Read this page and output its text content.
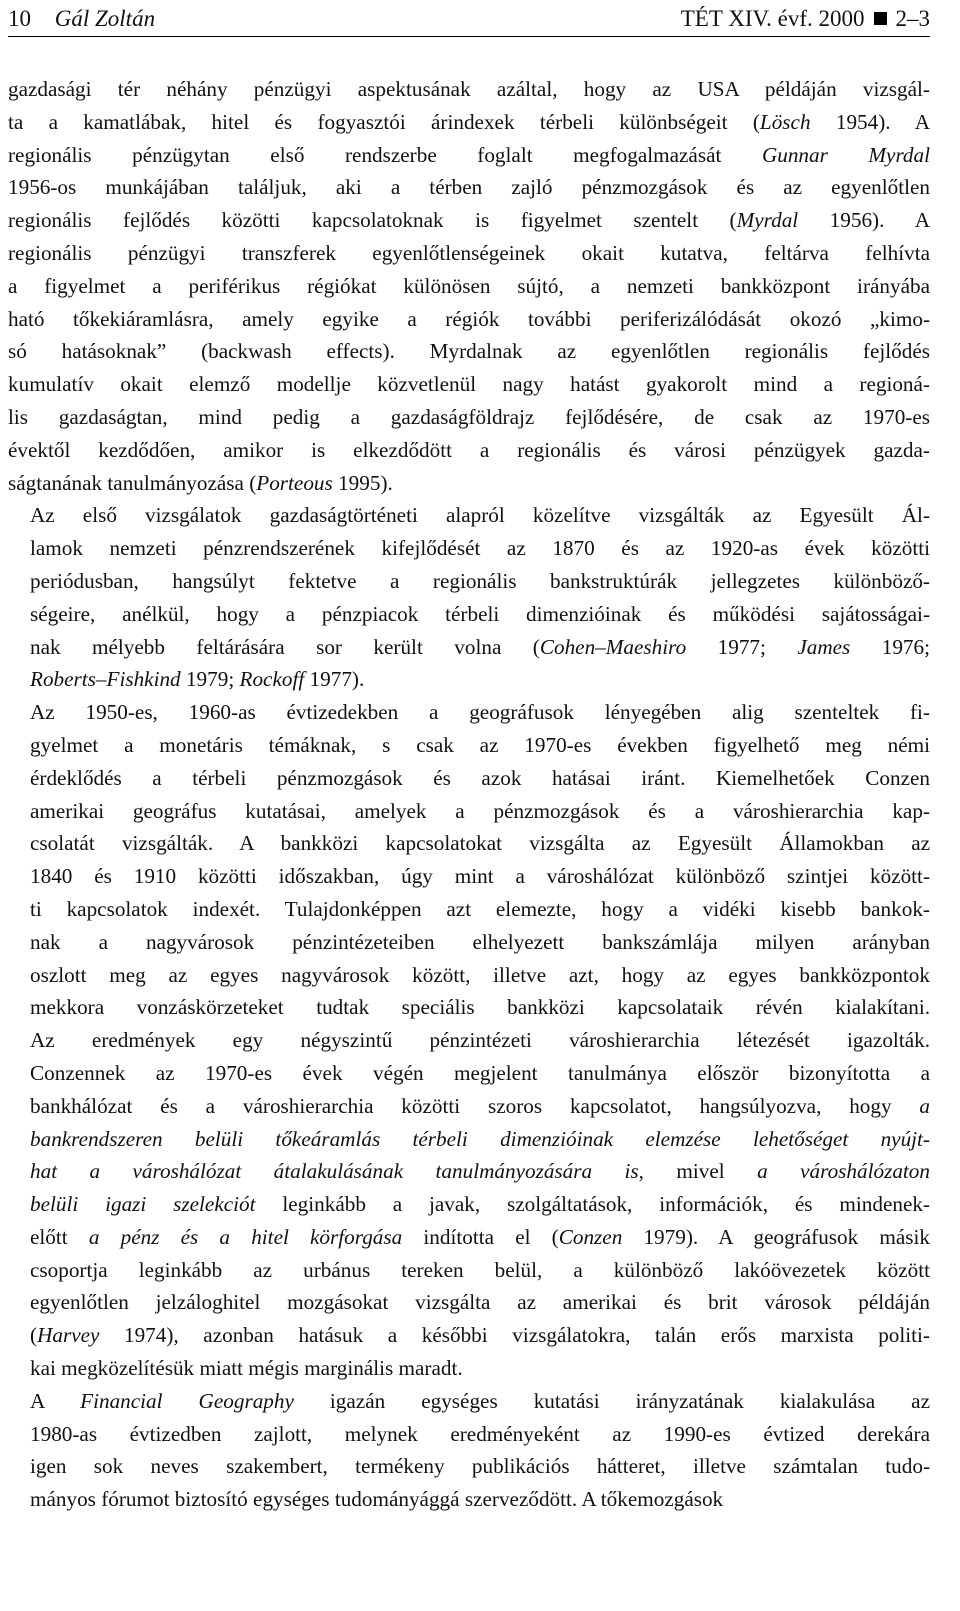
10 Gál Zoltán	TÉT XIV. évf. 2000 2–3

gazdasági tér néhány pénzügyi aspektusának azáltal, hogy az USA példáján vizsgál-
ta a kamatlábak, hitel és fogyasztói árindexek térbeli különbségeit (Lösch 1954). A
regionális pénzügytan első rendszerbe foglalt megfogalmazását Gunnar Myrdal
1956-os munkájában találjuk, aki a térben zajló pénzmozgások és az egyenlőtlen
regionális fejlődés közötti kapcsolatoknak is figyelmet szentelt (Myrdal 1956). A
regionális pénzügyi transzferek egyenlőtlenségeinek okait kutatva, feltárva felhívta
a figyelmet a periférikus régiókat különösen sújtó, a nemzeti bankközpont irányába
ható tőkekiáramlásra, amely egyike a régiók további periferizálódását okozó „kimo-
só hatásoknak” (backwash effects). Myrdalnak az egyenlőtlen regionális fejlődés
kumulatív okait elemző modellje közvetlenül nagy hatást gyakorolt mind a regioná-
lis gazdaságtan, mind pedig a gazdaságföldrajz fejlődésére, de csak az 1970-es
évektől kezdődően, amikor is elkezdődött a regionális és városi pénzügyek gazda-
ságtanának tanulmányozása (Porteous 1995).

Az első vizsgálatok gazdaságtörténeti alapról közelítve vizsgálták az Egyesült Ál-
lamok nemzeti pénzrendszerének kifejlődését az 1870 és az 1920-as évek közötti
periódusban, hangsúlyt fektetve a regionális bankstruktúrák jellegzetes különböző-
ségeire, anélkül, hogy a pénzpiacok térbeli dimenzióinak és működési sajátosságai-
nak mélyebb feltárására sor került volna (Cohen–Maeshiro 1977; James 1976;
Roberts–Fishkind 1979; Rockoff 1977).

Az 1950-es, 1960-as évtizedekben a geográfusok lényegében alig szenteltek fi-
gyelmet a monetáris témáknak, s csak az 1970-es években figyelhető meg némi
érdeklődés a térbeli pénzmozgások és azok hatásai iránt. Kiemelhetőek Conzen
amerikai geográfus kutatásai, amelyek a pénzmozgások és a városhierarchia kap-
csolatát vizsgálták. A bankközi kapcsolatokat vizsgálta az Egyesült Államokban az
1840 és 1910 közötti időszakban, úgy mint a városhálózat különböző szintjei között-
ti kapcsolatok indexét. Tulajdonképpen azt elemezte, hogy a vidéki kisebb bankok-
nak a nagyvárosok pénzintézeteiben elhelyezett bankszámlája milyen arányban
oszlott meg az egyes nagyvárosok között, illetve azt, hogy az egyes bankközpontok
mekkora vonzáskörzeteket tudtak speciális bankközi kapcsolataik révén kialakítani.
Az eredmények egy négyszintű pénzintézeti városhierarchia létezését igazolták.
Conzennek az 1970-es évek végén megjelent tanulmánya először bizonyította a
bankhálózat és a városhierarchia közötti szoros kapcsolatot, hangsúlyozva, hogy a
bankrendszeren belüli tőkeáramlás térbeli dimenzióinak elemzése lehetőséget nyújt-
hat a városhálózat átalakulásának tanulmányozására is, mivel a városhálózaton
belüli igazi szelekciót leginkább a javak, szolgáltatások, információk, és mindenek-
előtt a pénz és a hitel körforgása indította el (Conzen 1979). A geográfusok másik
csoportja leginkább az urbánus tereken belül, a különböző lakóövezetek között
egyenlőtlen jelzáloghitel mozgásokat vizsgálta az amerikai és brit városok példáján
(Harvey 1974), azonban hatásuk a későbbi vizsgálatokra, talán erős marxista politi-
kai megközelítésük miatt mégis marginális maradt.

A Financial Geography igazán egységes kutatási irányzatának kialakulása az
1980-as évtizedben zajlott, melynek eredményeként az 1990-es évtized derekára
igen sok neves szakembert, termékeny publikációs hátteret, illetve számtalan tudo-
mányos fórumot biztosító egységes tudományággá szerveződött. A tőkemozgások
